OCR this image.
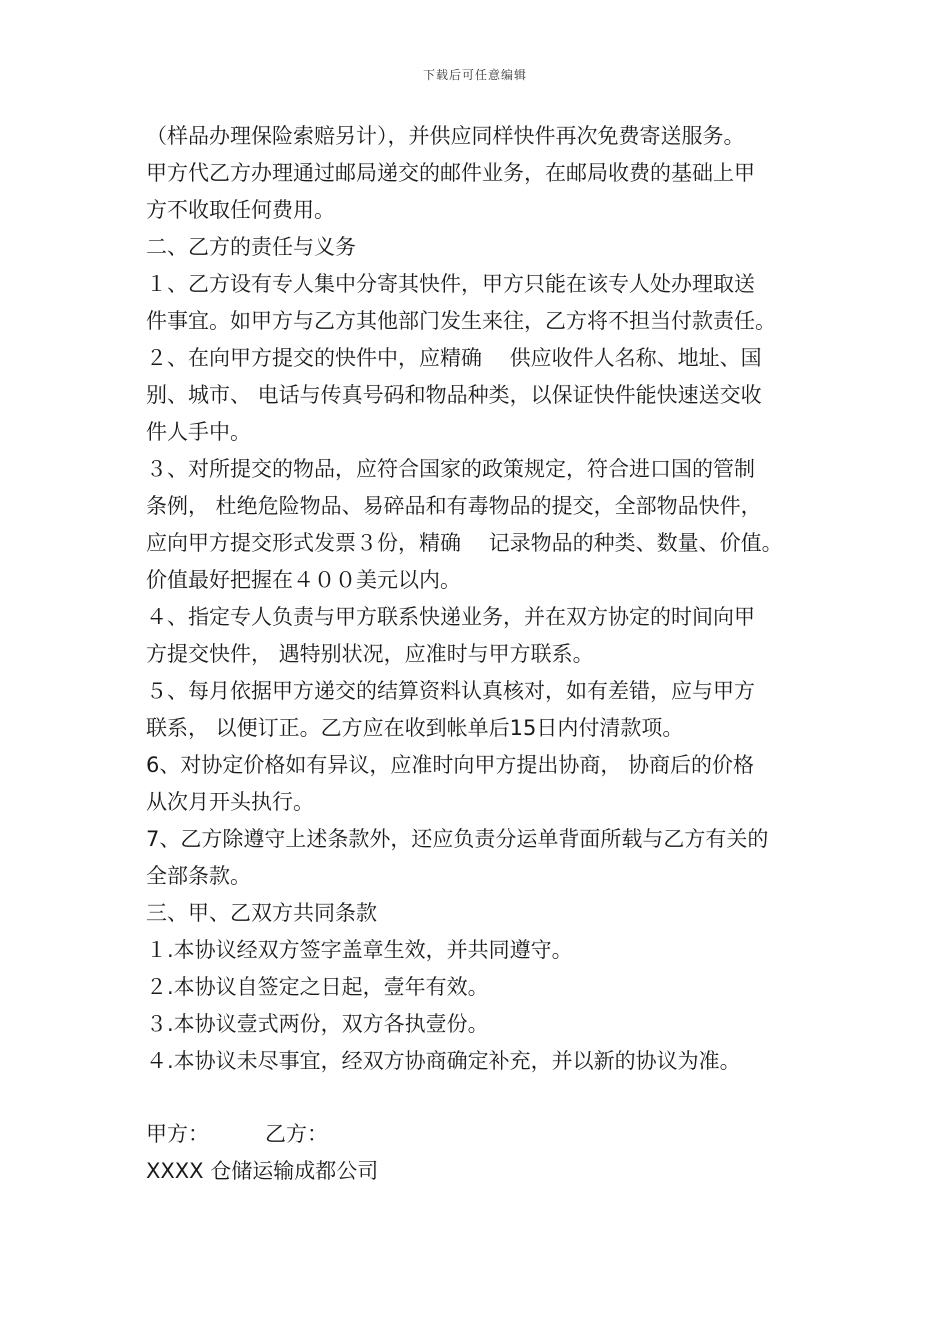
下载后可任意编辑
（样品办理保险索赔另计），并供应同样快件再次免费寄送服务。
甲方代乙方办理通过邮局递交的邮件业务，在邮局收费的基础上甲
方不收取任何费用。
二、乙方的责任与义务
１、乙方设有专人集中分寄其快件，甲方只能在该专人处办理取送
件事宜。如甲方与乙方其他部门发生来往，乙方将不担当付款责任。
２、在向甲方提交的快件中，应精确　 供应收件人名称、地址、国
别、城市、 电话与传真号码和物品种类，以保证快件能快速送交收
件人手中。
３、对所提交的物品，应符合国家的政策规定，符合进口国的管制
条例， 杜绝危险物品、易碎品和有毒物品的提交，全部物品快件，
应向甲方提交形式发票３份，精确　 记录物品的种类、数量、价值。
价值最好把握在４００美元以内。
４、指定专人负责与甲方联系快递业务，并在双方协定的时间向甲
方提交快件， 遇特别状况，应准时与甲方联系。
５、每月依据甲方递交的结算资料认真核对，如有差错，应与甲方
联系， 以便订正。乙方应在收到帐单后15日内付清款项。
6、对协定价格如有异议，应准时向甲方提出协商， 协商后的价格
从次月开头执行。
7、乙方除遵守上述条款外，还应负责分运单背面所载与乙方有关的
全部条款。
三、甲、乙双方共同条款
１.本协议经双方签字盖章生效，并共同遵守。
２.本协议自签定之日起，壹年有效。
３.本协议壹式两份，双方各执壹份。
４.本协议未尽事宜，经双方协商确定补充，并以新的协议为准。
甲方：	乙方：
XXXX 仓储运输成都公司
